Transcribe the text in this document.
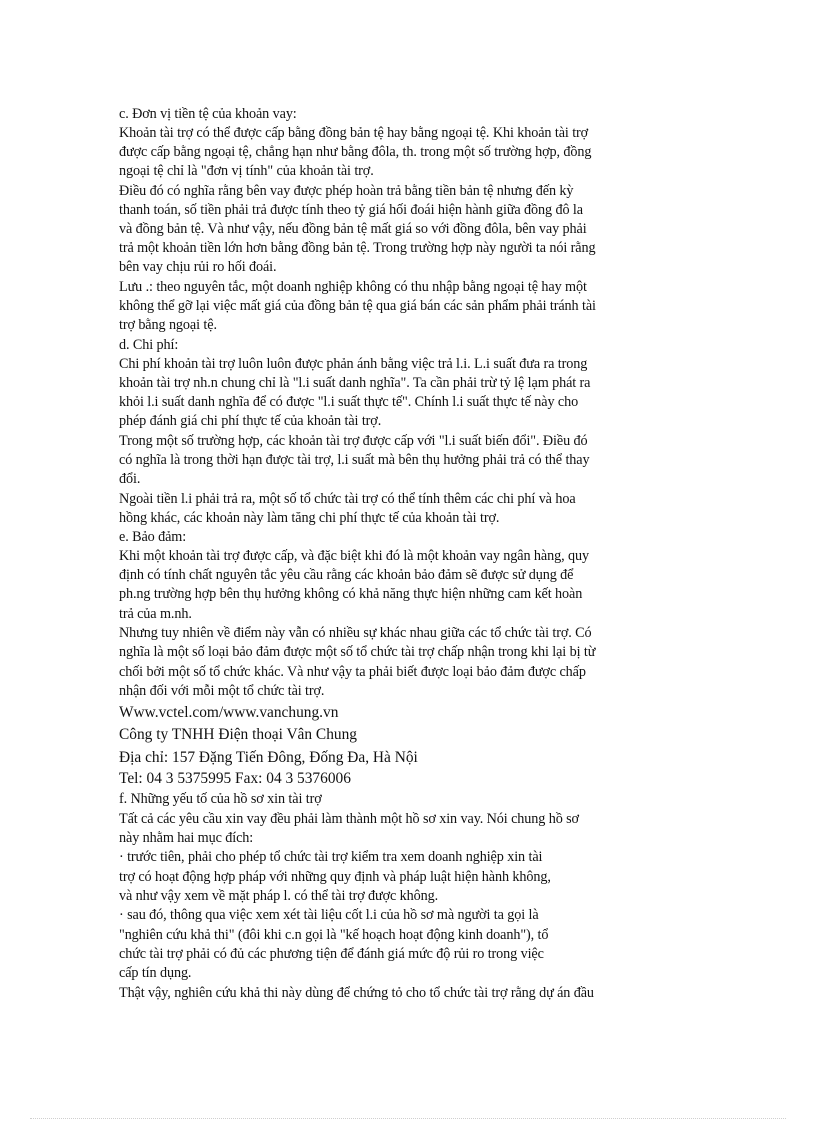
c. Đơn vị tiền tệ của khoản vay:
Khoản tài trợ có thể được cấp bằng đồng bản tệ hay bằng ngoại tệ. Khi khoản tài trợ
được cấp bằng ngoại tệ, chẳng hạn như bằng đôla, th. trong một số trường hợp, đồng
ngoại tệ chỉ là "đơn vị tính" của khoản tài trợ.
Điều đó có nghĩa rằng bên vay được phép hoàn trả bằng tiền bản tệ nhưng đến kỳ
thanh toán, số tiền phải trả được tính theo tỷ giá hối đoái hiện hành giữa đồng đô la
và đồng bản tệ. Và như vậy, nếu đồng bản tệ mất giá so với đồng đôla, bên vay phải
trả một khoản tiền lớn hơn bằng đồng bản tệ. Trong trường hợp này người ta nói rằng
bên vay chịu rủi ro hối đoái.
Lưu .: theo nguyên tắc, một doanh nghiệp không có thu nhập bằng ngoại tệ hay một
không thể gỡ lại việc mất giá của đồng bản tệ qua giá bán các sản phẩm phải tránh tài
trợ bằng ngoại tệ.
d. Chi phí:
Chi phí khoản tài trợ luôn luôn được phản ánh bằng việc trả l.i. L.i suất đưa ra trong
khoản tài trợ nh.n chung chỉ là "l.i suất danh nghĩa". Ta cần phải trừ tỷ lệ lạm phát ra
khỏi l.i suất danh nghĩa để có được "l.i suất thực tế". Chính l.i suất thực tế này cho
phép đánh giá chi phí thực tế của khoản tài trợ.
Trong một số trường hợp, các khoản tài trợ được cấp với "l.i suất biến đổi". Điều đó
có nghĩa là trong thời hạn được tài trợ, l.i suất mà bên thụ hưởng phải trả có thể thay
đổi.
Ngoài tiền l.i phải trả ra, một số tổ chức tài trợ có thể tính thêm các chi phí và hoa
hồng khác, các khoản này làm tăng chi phí thực tế của khoản tài trợ.
e. Bảo đảm:
Khi một khoản tài trợ được cấp, và đặc biệt khi đó là một khoản vay ngân hàng, quy
định có tính chất nguyên tắc yêu cầu rằng các khoản bảo đảm sẽ được sử dụng để
ph.ng trường hợp bên thụ hưởng không có khả năng thực hiện những cam kết hoàn
trả của m.nh.
Nhưng tuy nhiên về điểm này vẫn có nhiều sự khác nhau giữa các tổ chức tài trợ. Có
nghĩa là một số loại bảo đảm được một số tổ chức tài trợ chấp nhận trong khi lại bị từ
chối bởi một số tổ chức khác. Và như vậy ta phải biết được loại bảo đảm được chấp
nhận đối với mỗi một tổ chức tài trợ.
Www.vctel.com/www.vanchung.vn
Công ty TNHH Điện thoại Vân Chung
Địa chỉ: 157 Đặng Tiến Đông, Đống Đa, Hà Nội
Tel: 04 3 5375995 Fax: 04 3 5376006
f. Những yếu tố của hồ sơ xin tài trợ
Tất cả các yêu cầu xin vay đều phải làm thành một hồ sơ xin vay. Nói chung hồ sơ
này nhằm hai mục đích:
· trước tiên, phải cho phép tổ chức tài trợ kiểm tra xem doanh nghiệp xin tài
trợ có hoạt động hợp pháp với những quy định và pháp luật hiện hành không,
và như vậy xem về mặt pháp l. có thể tài trợ được không.
· sau đó, thông qua việc xem xét tài liệu cốt l.i của hồ sơ mà người ta gọi là
"nghiên cứu khả thi" (đôi khi c.n gọi là "kế hoạch hoạt động kinh doanh"), tổ
chức tài trợ phải có đủ các phương tiện để đánh giá mức độ rủi ro trong việc
cấp tín dụng.
Thật vậy, nghiên cứu khả thi này dùng để chứng tỏ cho tổ chức tài trợ rằng dự án đầu
